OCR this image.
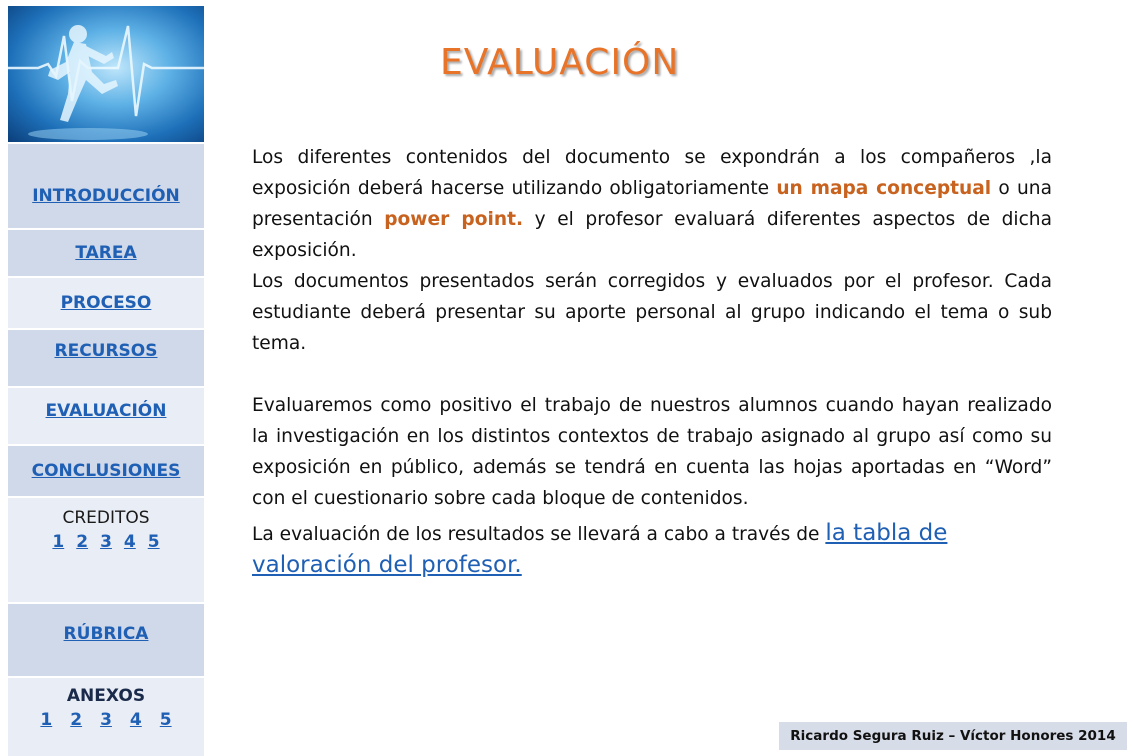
INTRODUCCIÓN
TAREA
PROCESO
RECURSOS
EVALUACIÓN
CONCLUSIONES
CREDITOS
1 2 3 4 5
RÚBRICA
ANEXOS
1 2 3 4 5
EVALUACIÓN

Los diferentes contenidos del documento se expondrán a los compañeros ,la exposición deberá hacerse utilizando obligatoriamente un mapa conceptual o una presentación power point. y el profesor evaluará diferentes aspectos de dicha exposición.

Los documentos presentados serán corregidos y evaluados por el profesor. Cada estudiante deberá presentar su aporte personal al grupo indicando el tema o sub tema.

Evaluaremos como positivo el trabajo de nuestros alumnos cuando hayan realizado la investigación en los distintos contextos de trabajo asignado al grupo así como su exposición en público, además se tendrá en cuenta las hojas aportadas en “Word” con el cuestionario sobre cada bloque de contenidos.

La evaluación de los resultados se llevará a cabo a través de la tabla de valoración del profesor.

Ricardo Segura Ruiz – Víctor Honores 2014
